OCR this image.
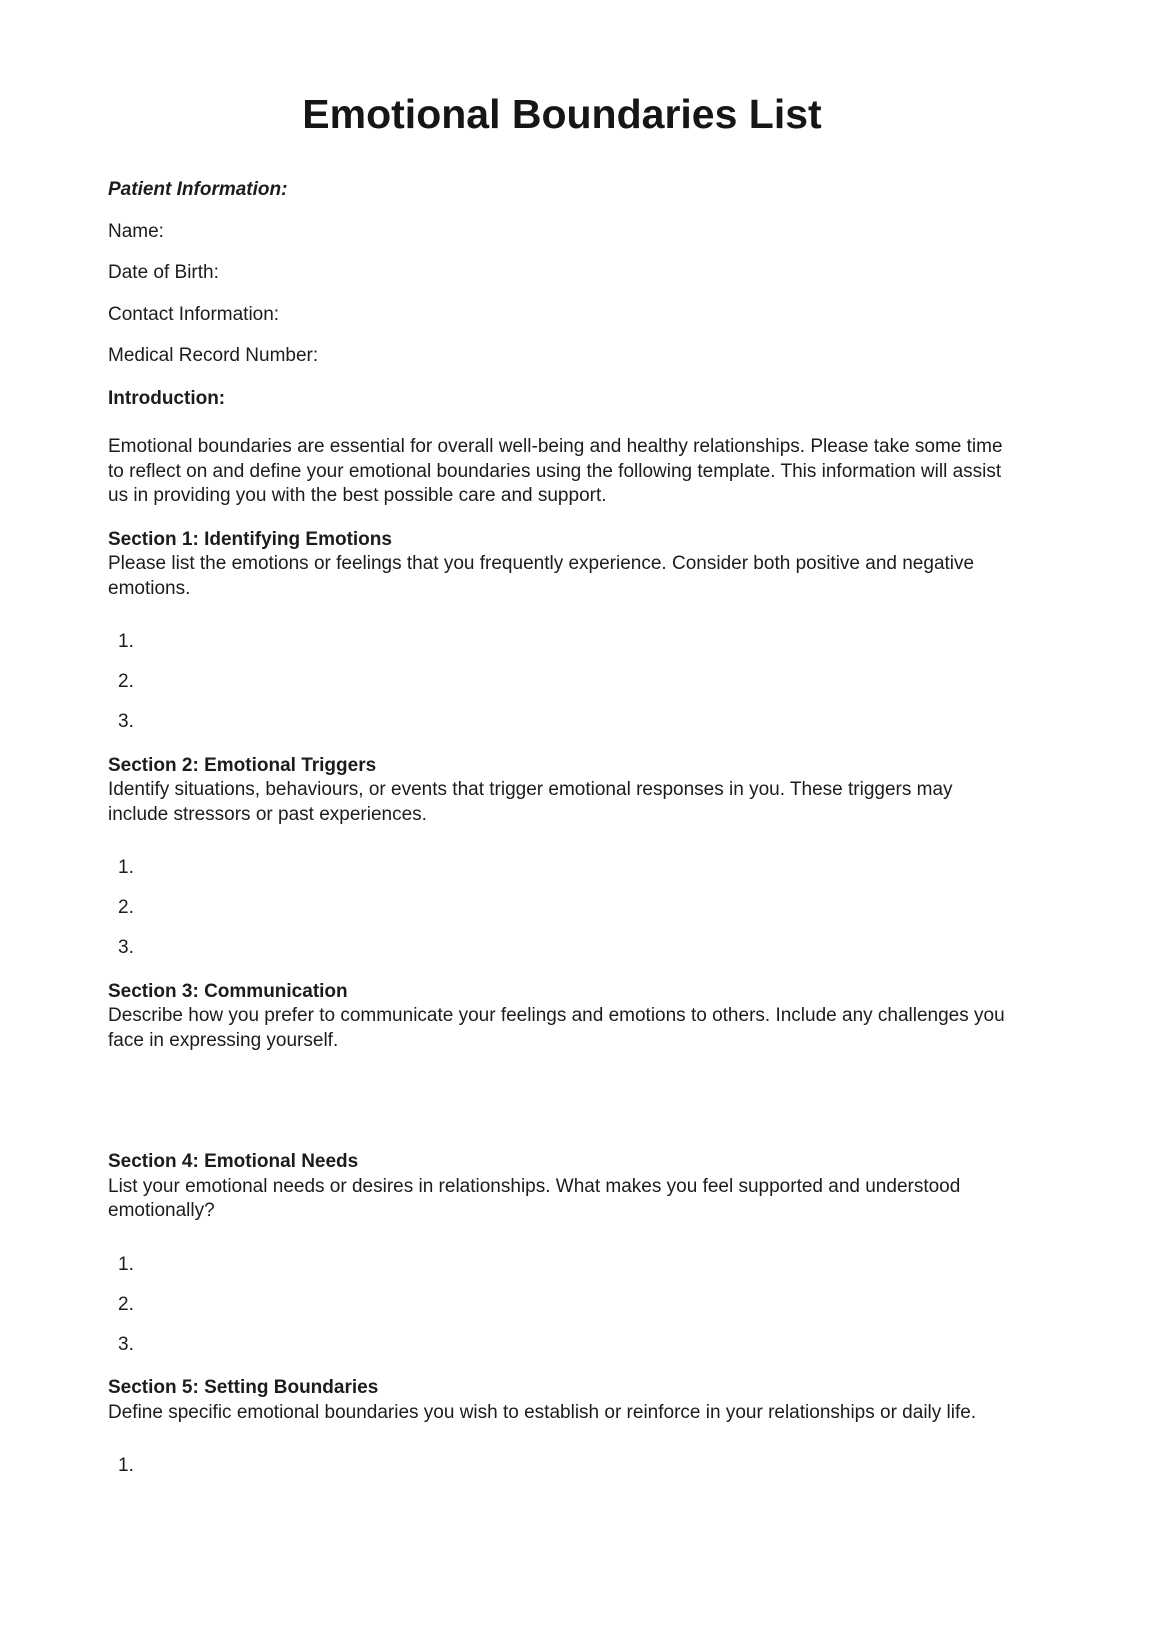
Emotional Boundaries List

Patient Information:

Name:

Date of Birth:

Contact Information:

Medical Record Number:

Introduction:

Emotional boundaries are essential for overall well-being and healthy relationships. Please take some time to reflect on and define your emotional boundaries using the following template. This information will assist us in providing you with the best possible care and support.

Section 1: Identifying Emotions

Please list the emotions or feelings that you frequently experience. Consider both positive and negative emotions.

1.
2.
3.

Section 2: Emotional Triggers

Identify situations, behaviours, or events that trigger emotional responses in you. These triggers may include stressors or past experiences.

1.
2.
3.

Section 3: Communication

Describe how you prefer to communicate your feelings and emotions to others. Include any challenges you face in expressing yourself.

Section 4: Emotional Needs

List your emotional needs or desires in relationships. What makes you feel supported and understood emotionally?

1.
2.
3.

Section 5: Setting Boundaries

Define specific emotional boundaries you wish to establish or reinforce in your relationships or daily life.

1.
